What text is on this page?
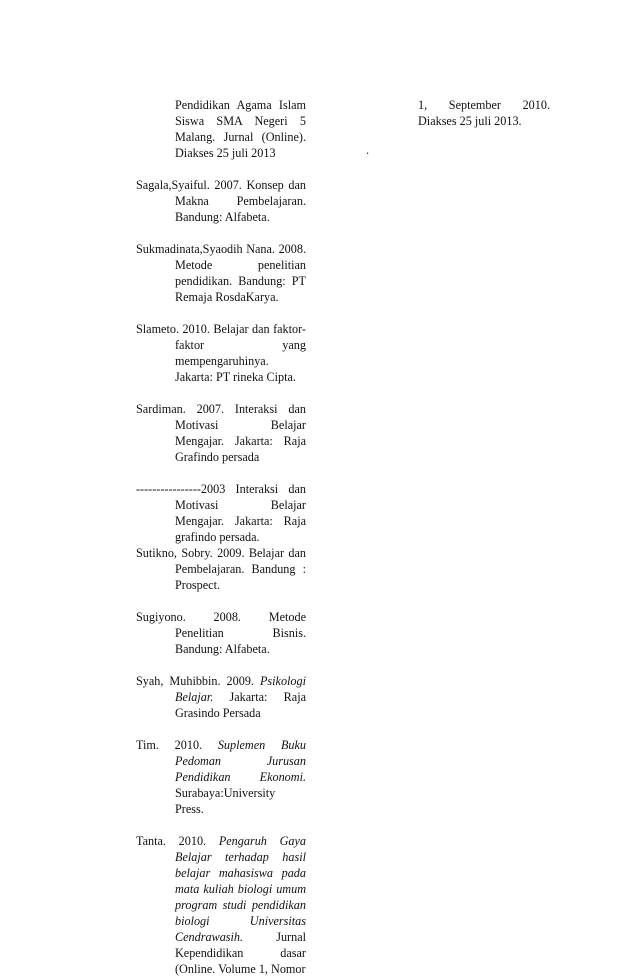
Pendidikan Agama Islam Siswa SMA Negeri 5 Malang. Jurnal (Online). Diakses 25 juli 2013

Sagala,Syaiful. 2007. Konsep dan Makna Pembelajaran. Bandung: Alfabeta.

Sukmadinata,Syaodih Nana. 2008. Metode penelitian pendidikan. Bandung: PT Remaja RosdaKarya.

Slameto. 2010. Belajar dan faktor- faktor yang mempengaruhinya. Jakarta: PT rineka Cipta.

Sardiman. 2007. Interaksi dan Motivasi Belajar Mengajar. Jakarta: Raja Grafindo persada

----------------2003 Interaksi dan Motivasi Belajar Mengajar. Jakarta: Raja grafindo persada.

Sutikno, Sobry. 2009. Belajar dan Pembelajaran. Bandung : Prospect.

Sugiyono. 2008. Metode Penelitian	Bisnis. Bandung: Alfabeta.

Syah, Muhibbin. 2009. Psikologi Belajar. Jakarta: Raja Grasindo Persada

Tim. 2010. Suplemen Buku Pedoman Jurusan Pendidikan Ekonomi. Surabaya:University Press.

Tanta. 2010. Pengaruh Gaya Belajar terhadap hasil belajar mahasiswa pada mata kuliah biologi umum program studi pendidikan biologi Universitas Cendrawasih.	Jurnal Kependidikan dasar (Online. Volume 1, Nomor

1, September 2010.
Diakses 25 juli 2013.
.
